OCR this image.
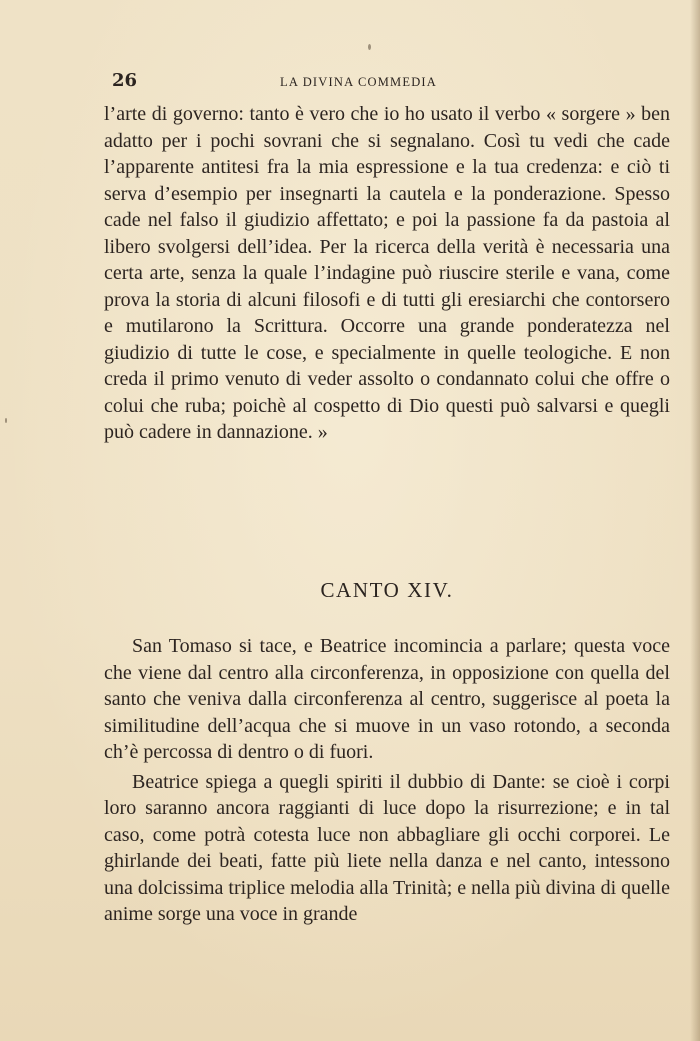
26	LA DIVINA COMMEDIA

l’arte di governo: tanto è vero che io ho usato il verbo « sorgere » ben adatto per i pochi sovrani che si segnalano. Così tu vedi che cade l’apparente antitesi fra la mia espressione e la tua credenza: e ciò ti serva d’esempio per insegnarti la cautela e la ponderazione. Spesso cade nel falso il giudizio affettato; e poi la passione fa da pastoia al libero svolgersi dell’idea. Per la ricerca della verità è necessaria una certa arte, senza la quale l’indagine può riuscire sterile e vana, come prova la storia di alcuni filosofi e di tutti gli eresiarchi che contorsero e mutilarono la Scrittura. Occorre una grande ponderatezza nel giudizio di tutte le cose, e specialmente in quelle teologiche. E non creda il primo venuto di veder assolto o condannato colui che offre o colui che ruba; poichè al cospetto di Dio questi può salvarsi e quegli può cadere in dannazione. »

CANTO XIV.

San Tomaso si tace, e Beatrice incomincia a parlare; questa voce che viene dal centro alla circonferenza, in opposizione con quella del santo che veniva dalla circonferenza al centro, suggerisce al poeta la similitudine dell’acqua che si muove in un vaso rotondo, a seconda ch’è percossa di dentro o di fuori.

Beatrice spiega a quegli spiriti il dubbio di Dante: se cioè i corpi loro saranno ancora raggianti di luce dopo la risurrezione; e in tal caso, come potrà cotesta luce non abbagliare gli occhi corporei. Le ghirlande dei beati, fatte più liete nella danza e nel canto, intessono una dolcissima triplice melodia alla Trinità; e nella più divina di quelle anime sorge una voce in grande
